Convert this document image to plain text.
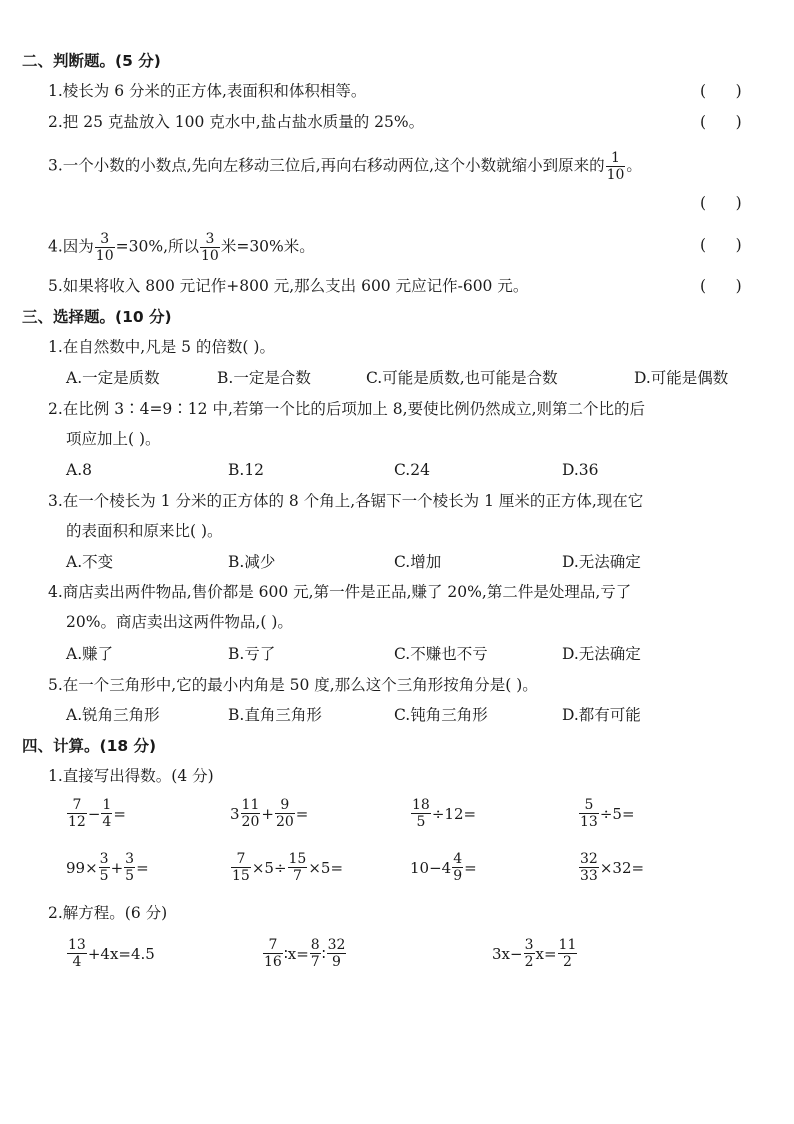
二、判断题。(5 分)
1.棱长为 6 分米的正方体,表面积和体积相等。	(      )
2.把 25 克盐放入 100 克水中,盐占盐水质量的 25%。	(      )
3.一个小数的小数点,先向左移动三位后,再向右移动两位,这个小数就缩小到原来的 $\frac{1}{10}$ 。
(      )
4.因为 $\frac{3}{10} =30\%$,所以 $\frac{3}{10}$ 米=30%米。	(      )
5.如果将收入 800 元记作+800 元,那么支出 600 元应记作-600 元。	(      )
三、选择题。(10 分)
1.在自然数中,凡是 5 的倍数( )。
A.一定是质数	B.一定是合数	C.可能是质数,也可能是合数	D.可能是偶数
2.在比例 3∶4=9∶12 中,若第一个比的后项加上 8,要使比例仍然成立,则第二个比的后
项应加上( )。
A.8	B.12	C.24	D.36
3.在一个棱长为 1 分米的正方体的 8 个角上,各锯下一个棱长为 1 厘米的正方体,现在它
的表面积和原来比( )。
A.不变	B.减少	C.增加	D.无法确定
4.商店卖出两件物品,售价都是 600 元,第一件是正品,赚了 20%,第二件是处理品,亏了
20%。商店卖出这两件物品,( )。
A.赚了	B.亏了	C.不赚也不亏	D.无法确定
5.在一个三角形中,它的最小内角是 50 度,那么这个三角形按角分是( )。
A.锐角三角形	B.直角三角形	C.钝角三角形	D.都有可能
四、计算。(18 分)
1.直接写出得数。(4 分)
$\frac{7}{12} - \frac{1}{4}$ =	$3 \frac{11}{20} + \frac{9}{20}$ =	$\frac{18}{5} \div 12=$	$\frac{5}{13} \div 5=$
$99\times \frac{3}{5} + \frac{3}{5}$ =	$\frac{7}{15} \times 5\div \frac{15}{7} \times 5=$	$10-4 \frac{4}{9}$ =	$\frac{32}{33} \times 32=$
2.解方程。(6 分)
$\frac{13}{4} +4x=4.5$	$\frac{7}{16}$ ∶x= $\frac{8}{7}$ ∶ $\frac{32}{9}$	$3x- \frac{3}{2} x= \frac{11}{2}$
